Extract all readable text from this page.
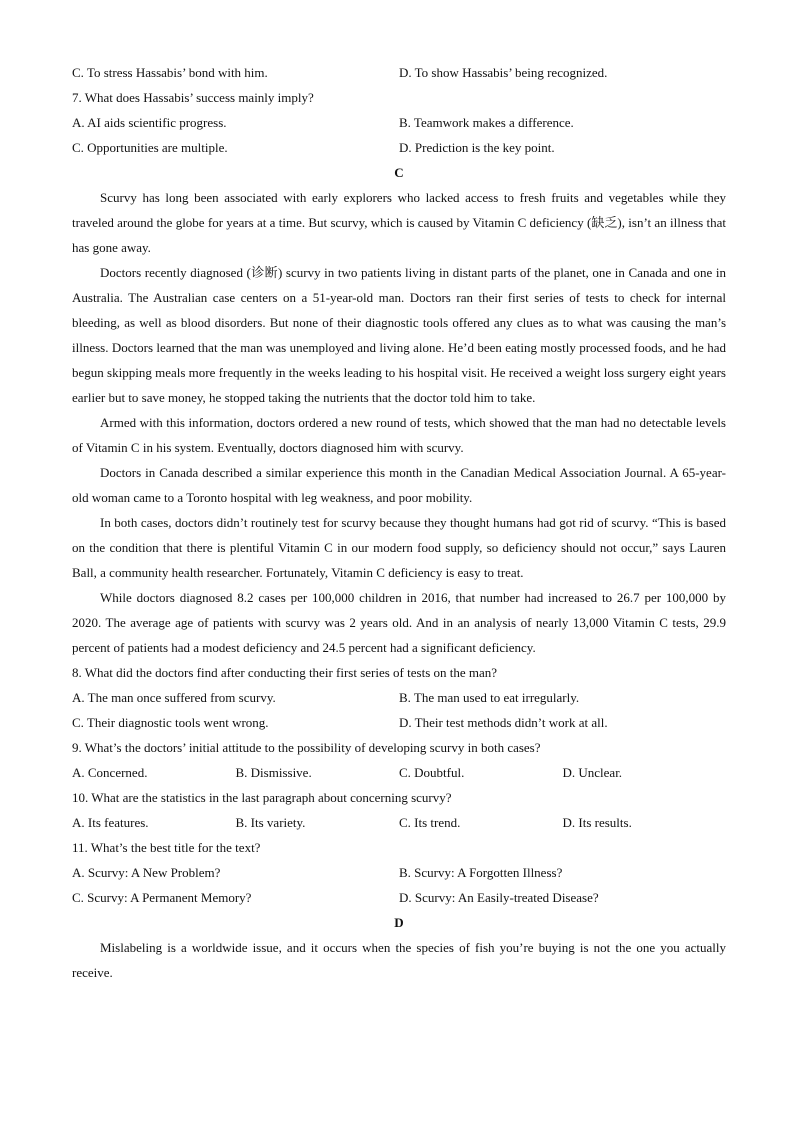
C. To stress Hassabis’ bond with him.	D. To show Hassabis’ being recognized.
7. What does Hassabis’ success mainly imply?
A. AI aids scientific progress.	B. Teamwork makes a difference.
C. Opportunities are multiple.	D. Prediction is the key point.
C

Scurvy has long been associated with early explorers who lacked access to fresh fruits and vegetables while they traveled around the globe for years at a time. But scurvy, which is caused by Vitamin C deficiency (缺乏), isn’t an illness that has gone away.

Doctors recently diagnosed (诊断) scurvy in two patients living in distant parts of the planet, one in Canada and one in Australia. The Australian case centers on a 51-year-old man. Doctors ran their first series of tests to check for internal bleeding, as well as blood disorders. But none of their diagnostic tools offered any clues as to what was causing the man’s illness. Doctors learned that the man was unemployed and living alone. He’d been eating mostly processed foods, and he had begun skipping meals more frequently in the weeks leading to his hospital visit. He received a weight loss surgery eight years earlier but to save money, he stopped taking the nutrients that the doctor told him to take.

Armed with this information, doctors ordered a new round of tests, which showed that the man had no detectable levels of Vitamin C in his system. Eventually, doctors diagnosed him with scurvy.

Doctors in Canada described a similar experience this month in the Canadian Medical Association Journal. A 65-year-old woman came to a Toronto hospital with leg weakness, and poor mobility.

In both cases, doctors didn’t routinely test for scurvy because they thought humans had got rid of scurvy. “This is based on the condition that there is plentiful Vitamin C in our modern food supply, so deficiency should not occur,” says Lauren Ball, a community health researcher. Fortunately, Vitamin C deficiency is easy to treat.

While doctors diagnosed 8.2 cases per 100,000 children in 2016, that number had increased to 26.7 per 100,000 by 2020. The average age of patients with scurvy was 2 years old. And in an analysis of nearly 13,000 Vitamin C tests, 29.9 percent of patients had a modest deficiency and 24.5 percent had a significant deficiency.

8. What did the doctors find after conducting their first series of tests on the man?
A. The man once suffered from scurvy.	B. The man used to eat irregularly.
C. Their diagnostic tools went wrong.	D. Their test methods didn’t work at all.
9. What’s the doctors’ initial attitude to the possibility of developing scurvy in both cases?
A. Concerned.	B. Dismissive.	C. Doubtful.	D. Unclear.
10. What are the statistics in the last paragraph about concerning scurvy?
A. Its features.	B. Its variety.	C. Its trend.	D. Its results.
11. What’s the best title for the text?
A. Scurvy: A New Problem?	B. Scurvy: A Forgotten Illness?
C. Scurvy: A Permanent Memory?	D. Scurvy: An Easily-treated Disease?
D

Mislabeling is a worldwide issue, and it occurs when the species of fish you’re buying is not the one you actually receive.
